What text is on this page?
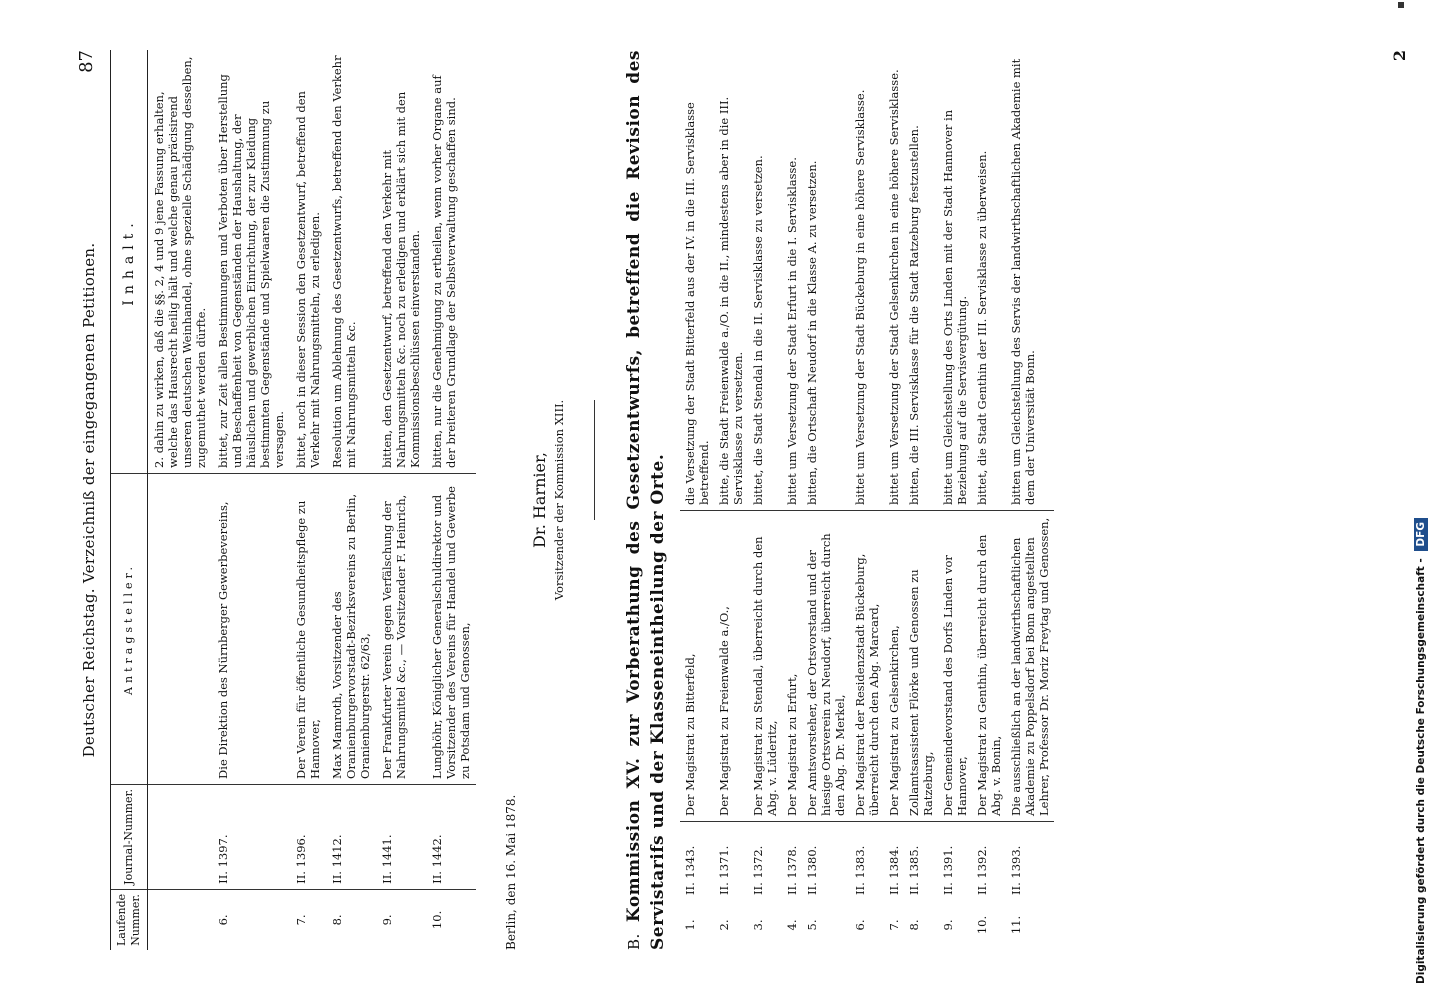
Deutscher Reichstag. Verzeichniß der eingegangenen Petitionen.
87
Laufende Nummer.	Journal-Nummer.	Antragsteller.	Inhalt.
			2. dahin zu wirken, daß die §§. 2, 4 und 9 jene Fassung erhalten, welche das Hausrecht heilig hält und welche genau präcisirend unseren deutschen Weinhandel, ohne spezielle Schädigung desselben, zugemuthet werden dürfte.
6.	II. 1397.	Die Direktion des Nürnberger Gewerbevereins,	bittet, zur Zeit allen Bestimmungen und Verboten über Herstellung und Beschaffenheit von Gegenständen der Haushaltung, der häuslichen und gewerblichen Einrichtung, der zur Kleidung bestimmten Gegenstände und Spielwaaren die Zustimmung zu versagen.
7.	II. 1396.	Der Verein für öffentliche Gesundheitspflege zu Hannover,	bittet, noch in dieser Session den Gesetzentwurf, betreffend den Verkehr mit Nahrungsmitteln, zu erledigen.
8.	II. 1412.	Max Mamroth, Vorsitzender des Oranienburgervorstadt-Bezirksvereins zu Berlin, Oranienburgerstr. 62/63,	Resolution um Ablehnung des Gesetzentwurfs, betreffend den Verkehr mit Nahrungsmitteln &c.
9.	II. 1441.	Der Frankfurter Verein gegen Verfälschung der Nahrungsmittel &c., — Vorsitzender F. Heinrich,	bitten, den Gesetzentwurf, betreffend den Verkehr mit Nahrungsmitteln &c. noch zu erledigen und erklärt sich mit den Kommissionsbeschlüssen einverstanden.
10.	II. 1442.	Lunghöhr, Königlicher Generalschuldirektor und Vorsitzender des Vereins für Handel und Gewerbe zu Potsdam und Genossen,	bitten, nur die Genehmigung zu ertheilen, wenn vorher Organe auf der breiteren Grundlage der Selbstverwaltung geschaffen sind.
Berlin, den 16. Mai 1878.
Dr. Harnier, Vorsitzender der Kommission XIII.
B. Kommission XV. zur Vorberathung des Gesetzentwurfs, betreffend die Revision des Servistarifs und der Klasseneintheilung der Orte. 1.	II. 1343.	Der Magistrat zu Bitterfeld,	die Versetzung der Stadt Bitterfeld aus der IV. in die III. Servisklasse betreffend.
2.	II. 1371.	Der Magistrat zu Freienwalde a./O.,	bitte, die Stadt Freienwalde a./O. in die II., mindestens aber in die III. Servisklasse zu versetzen.
3.	II. 1372.	Der Magistrat zu Stendal, überreicht durch den Abg. v. Lüderitz,	bittet, die Stadt Stendal in die II. Servisklasse zu versetzen.
4.	II. 1378.	Der Magistrat zu Erfurt,	bittet um Versetzung der Stadt Erfurt in die I. Servisklasse.
5.	II. 1380.	Der Amtsvorsteher, der Ortsvorstand und der hiesige Ortsverein zu Neudorf, überreicht durch den Abg. Dr. Merkel,	bitten, die Ortschaft Neudorf in die Klasse A. zu versetzen.
6.	II. 1383.	Der Magistrat der Residenzstadt Bückeburg, überreicht durch den Abg. Marcard,	bittet um Versetzung der Stadt Bückeburg in eine höhere Servisklasse.
7.	II. 1384.	Der Magistrat zu Gelsenkirchen,	bittet um Versetzung der Stadt Gelsenkirchen in eine höhere Servisklasse.
8.	II. 1385.	Zollamtsassistent Flörke und Genossen zu Ratzeburg,	bitten, die III. Servisklasse für die Stadt Ratzeburg festzustellen.
9.	II. 1391.	Der Gemeindevorstand des Dorfs Linden vor Hannover,	bittet um Gleichstellung des Orts Linden mit der Stadt Hannover in Beziehung auf die Servisvergütung.
10.	II. 1392.	Der Magistrat zu Genthin, überreicht durch den Abg. v. Bonin,	bittet, die Stadt Genthin der III. Servisklasse zu überweisen.
11.	II. 1393.	Die ausschließlich an der landwirthschaftlichen Akademie zu Poppelsdorf bei Bonn angestellten Lehrer, Professor Dr. Moriz Freytag und Genossen,	bitten um Gleichstellung des Servis der landwirthschaftlichen Akademie mit dem der Universität Bonn.
2
Digitalisierung gefördert durch die Deutsche Forschungsgemeinschaft - DFG
